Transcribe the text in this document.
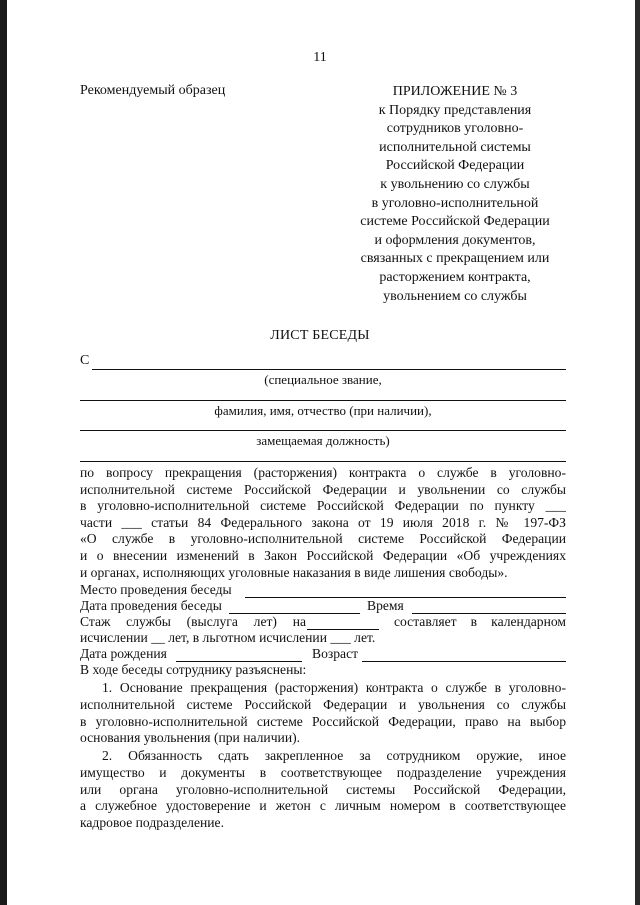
11
Рекомендуемый образец	ПРИЛОЖЕНИЕ № 3
к Порядку представления
сотрудников уголовно-
исполнительной системы
Российской Федерации
к увольнению со службы
в уголовно-исполнительной
системе Российской Федерации
и оформления документов,
связанных с прекращением или
расторжением контракта,
увольнением со службы
ЛИСТ БЕСЕДЫ
С
(специальное звание,
фамилия, имя, отчество (при наличии),
замещаемая должность)
по вопросу прекращения (расторжения) контракта о службе в уголовно-
исполнительной системе Российской Федерации и увольнении со службы
в уголовно-исполнительной системе Российской Федерации по пункту ___
части ___ статьи 84 Федерального закона от 19 июля 2018 г. № 197-ФЗ
«О службе в уголовно-исполнительной системе Российской Федерации
и о внесении изменений в Закон Российской Федерации «Об учреждениях
и органах, исполняющих уголовные наказания в виде лишения свободы».
Место проведения беседы
Дата проведения беседы	Время
Стаж службы (выслуга лет) на	составляет в календарном
исчислении __ лет, в льготном исчислении ___ лет.
Дата рождения	Возраст
В ходе беседы сотруднику разъяснены:
1. Основание прекращения (расторжения) контракта о службе в уголовно-
исполнительной системе Российской Федерации и увольнения со службы
в уголовно-исполнительной системе Российской Федерации, право на выбор
основания увольнения (при наличии).
2. Обязанность сдать закрепленное за сотрудником оружие, иное
имущество и документы в соответствующее подразделение учреждения
или органа уголовно-исполнительной системы Российской Федерации,
а служебное удостоверение и жетон с личным номером в соответствующее
кадровое подразделение.
